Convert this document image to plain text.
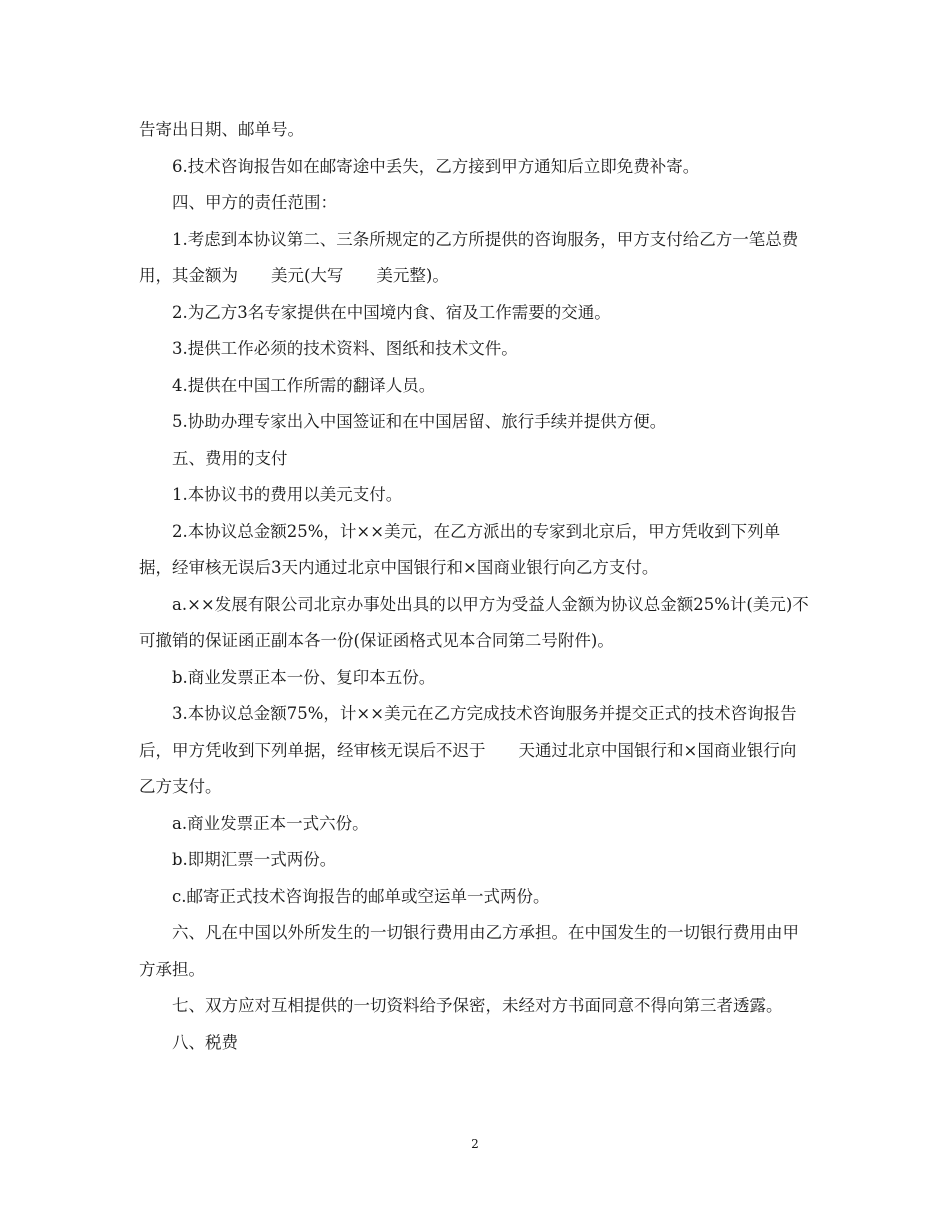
告寄出日期、邮单号。

6.技术咨询报告如在邮寄途中丢失，乙方接到甲方通知后立即免费补寄。

四、甲方的责任范围：

1.考虑到本协议第二、三条所规定的乙方所提供的咨询服务，甲方支付给乙方一笔总费用，其金额为　　美元(大写　　美元整)。

2.为乙方3名专家提供在中国境内食、宿及工作需要的交通。

3.提供工作必须的技术资料、图纸和技术文件。

4.提供在中国工作所需的翻译人员。

5.协助办理专家出入中国签证和在中国居留、旅行手续并提供方便。

五、费用的支付

1.本协议书的费用以美元支付。

2.本协议总金额25%，计××美元，在乙方派出的专家到北京后，甲方凭收到下列单据，经审核无误后3天内通过北京中国银行和×国商业银行向乙方支付。

a.××发展有限公司北京办事处出具的以甲方为受益人金额为协议总金额25%计(美元)不可撤销的保证函正副本各一份(保证函格式见本合同第二号附件)。

b.商业发票正本一份、复印本五份。

3.本协议总金额75%，计××美元在乙方完成技术咨询服务并提交正式的技术咨询报告后，甲方凭收到下列单据，经审核无误后不迟于　　天通过北京中国银行和×国商业银行向乙方支付。

a.商业发票正本一式六份。

b.即期汇票一式两份。

c.邮寄正式技术咨询报告的邮单或空运单一式两份。

六、凡在中国以外所发生的一切银行费用由乙方承担。在中国发生的一切银行费用由甲方承担。

七、双方应对互相提供的一切资料给予保密，未经对方书面同意不得向第三者透露。

八、税费

2
